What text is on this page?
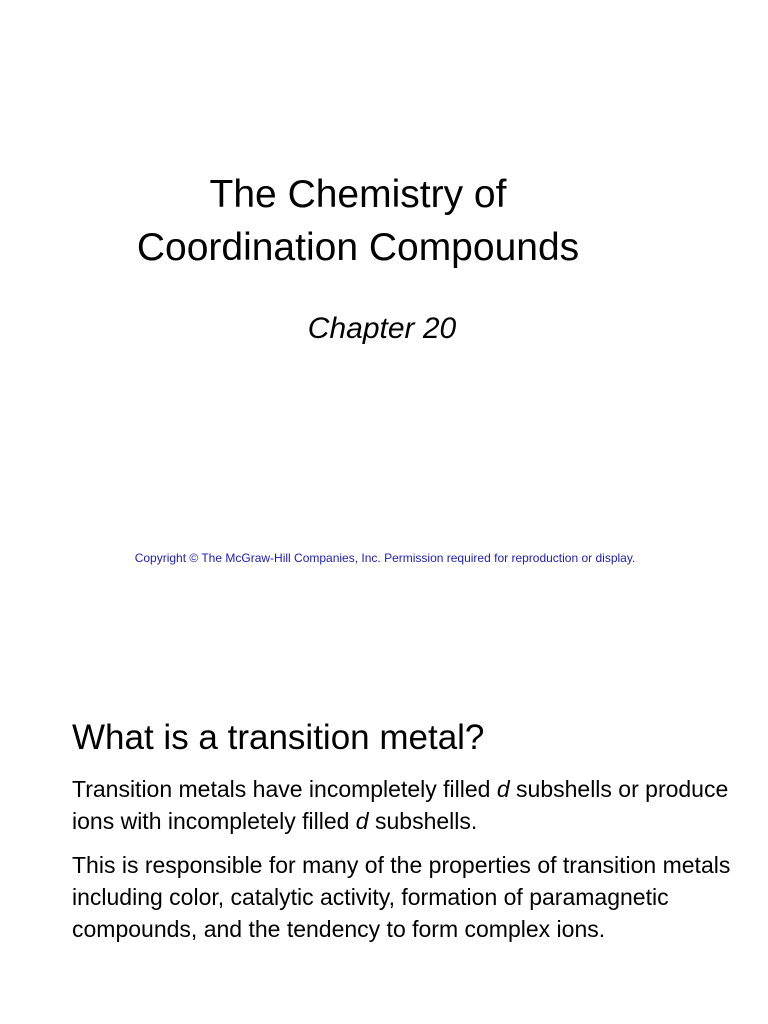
The Chemistry of
Coordination Compounds

Chapter 20

Copyright © The McGraw-Hill Companies, Inc. Permission required for reproduction or display.

What is a transition metal?

Transition metals have incompletely filled d subshells or produce ions with incompletely filled d subshells.

This is responsible for many of the properties of transition metals including color, catalytic activity, formation of paramagnetic compounds, and the tendency to form complex ions.
